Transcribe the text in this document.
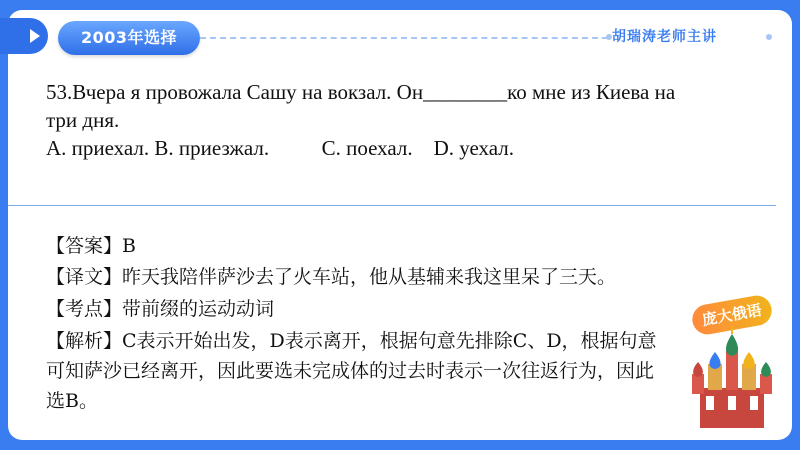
2003年选择	胡瑞涛老师主讲
53.Вчера я провожала Сашу на вокзал. Он________ко мне из Киева на
три дня.
A. приехал. B. приезжал.          C. поехал.    D. уехал.
【答案】B
【译文】昨天我陪伴萨沙去了火车站，他从基辅来我这里呆了三天。
【考点】带前缀的运动动词
【解析】C表示开始出发，D表示离开，根据句意先排除C、D，根据句意
可知萨沙已经离开，因此要选未完成体的过去时表示一次往返行为，因此
选B。
庞大俄语
